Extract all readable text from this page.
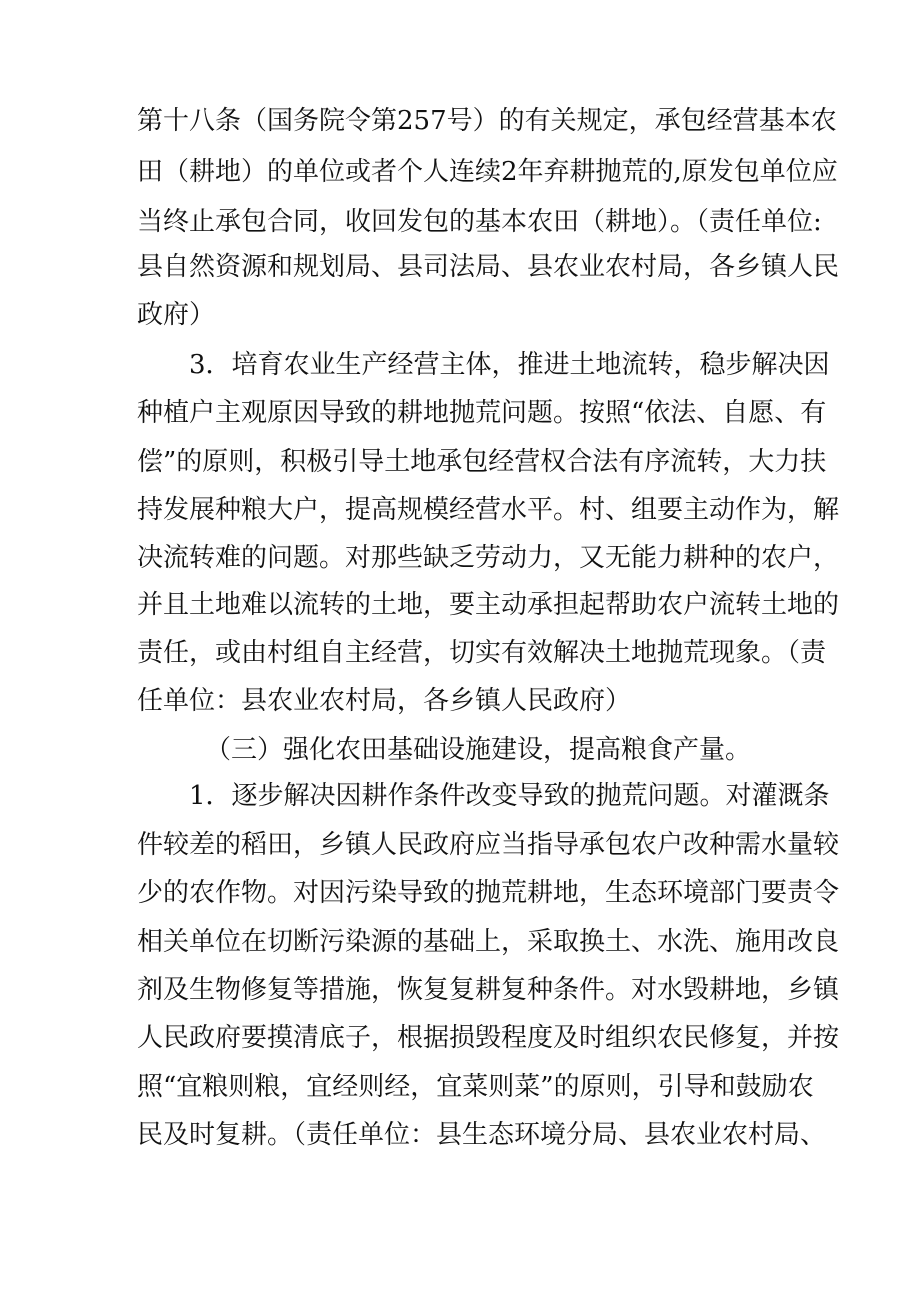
第十八条（国务院令第257号）的有关规定，承包经营基本农
田（耕地）的单位或者个人连续2年弃耕抛荒的,原发包单位应
当终止承包合同，收回发包的基本农田（耕地）。（责任单位:
县自然资源和规划局、县司法局、县农业农村局，各乡镇人民
政府）
3．培育农业生产经营主体，推进土地流转，稳步解决因
种植户主观原因导致的耕地抛荒问题。按照“依法、自愿、有
偿”的原则，积极引导土地承包经营权合法有序流转，大力扶
持发展种粮大户，提高规模经营水平。村、组要主动作为，解
决流转难的问题。对那些缺乏劳动力，又无能力耕种的农户，
并且土地难以流转的土地，要主动承担起帮助农户流转土地的
责任，或由村组自主经营，切实有效解决土地抛荒现象。（责
任单位：县农业农村局，各乡镇人民政府）
（三）强化农田基础设施建设，提高粮食产量。
1．逐步解决因耕作条件改变导致的抛荒问题。对灌溉条
件较差的稻田，乡镇人民政府应当指导承包农户改种需水量较
少的农作物。对因污染导致的抛荒耕地，生态环境部门要责令
相关单位在切断污染源的基础上，采取换土、水洗、施用改良
剂及生物修复等措施，恢复复耕复种条件。对水毁耕地，乡镇
人民政府要摸清底子，根据损毁程度及时组织农民修复，并按
照“宜粮则粮，宜经则经，宜菜则菜”的原则，引导和鼓励农
民及时复耕。（责任单位：县生态环境分局、县农业农村局、
